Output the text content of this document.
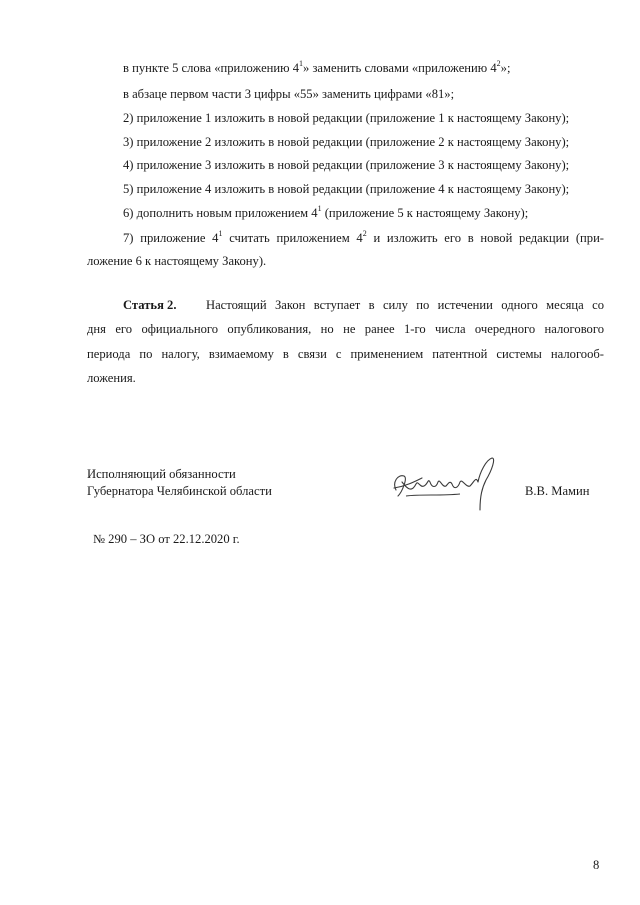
в пункте 5 слова «приложению $4^1$» заменить словами «приложению $4^2$»;
в абзаце первом части 3 цифры «55» заменить цифрами «81»;
2) приложение 1 изложить в новой редакции (приложение 1 к настоящему Закону);
3) приложение 2 изложить в новой редакции (приложение 2 к настоящему Закону);
4) приложение 3 изложить в новой редакции (приложение 3 к настоящему Закону);
5) приложение 4 изложить в новой редакции (приложение 4 к настоящему Закону);
6) дополнить новым приложением $4^1$ (приложение 5 к настоящему Закону);
7) приложение $4^1$ считать приложением $4^2$ и изложить его в новой редакции (при-
ложение 6 к настоящему Закону).
Статья 2. Настоящий Закон вступает в силу по истечении одного месяца со
дня его официального опубликования, но не ранее 1-го числа очередного налогового
периода по налогу, взимаемому в связи с применением патентной системы налогооб-
ложения.
Исполняющий обязанности
Губернатора Челябинской области	В.В. Мамин
№ 290 – ЗО от 22.12.2020 г.
8
